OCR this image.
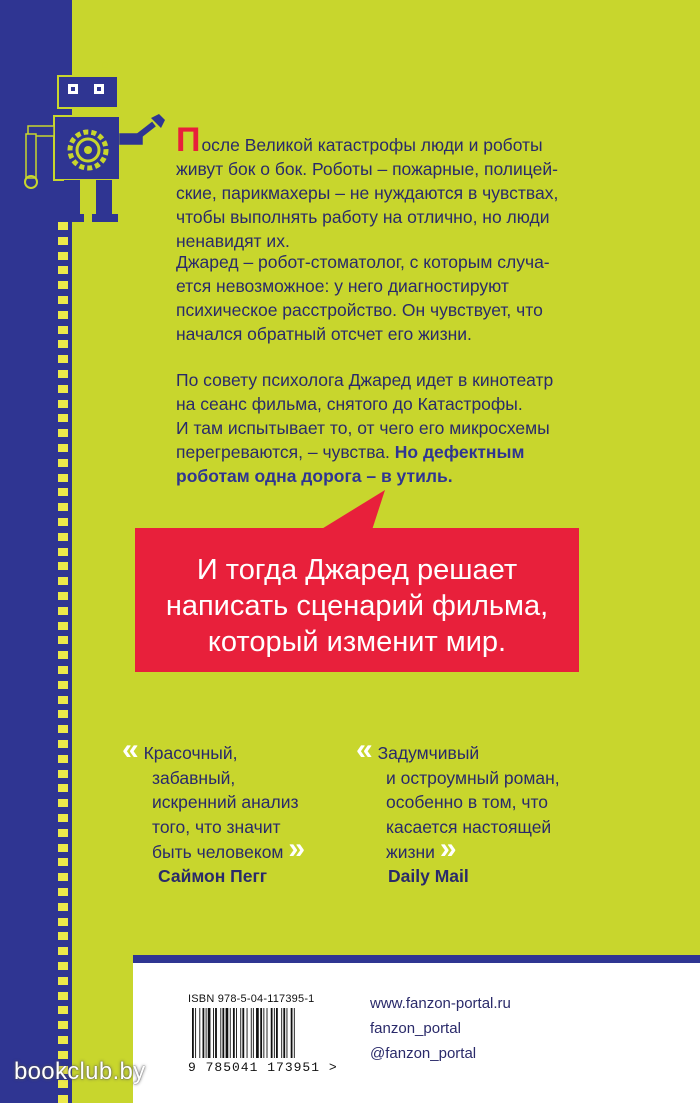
После Великой катастрофы люди и роботы
живут бок о бок. Роботы – пожарные, полицей-
ские, парикмахеры – не нуждаются в чувствах,
чтобы выполнять работу на отлично, но люди
ненавидят их.

Джаред – робот-стоматолог, с которым случа-
ется невозможное: у него диагностируют
психическое расстройство. Он чувствует, что
начался обратный отсчет его жизни.

По совету психолога Джаред идет в кинотеатр
на сеанс фильма, снятого до Катастрофы.
И там испытывает то, от чего его микросхемы
перегреваются, – чувства. Но дефектным
роботам одна дорога – в утиль.

И тогда Джаред решает
написать сценарий фильма,
который изменит мир.

« Красочный,
забавный,
искренний анализ
того, что значит
быть человеком »
Саймон Пегг
« Задумчивый
и остроумный роман,
особенно в том, что
касается настоящей
жизни »
Daily Mail
ISBN 978-5-04-117395-1
9 785041 173951 >
www.fanzon-portal.ru
fanzon_portal
@fanzon_portal
bookclub.by
